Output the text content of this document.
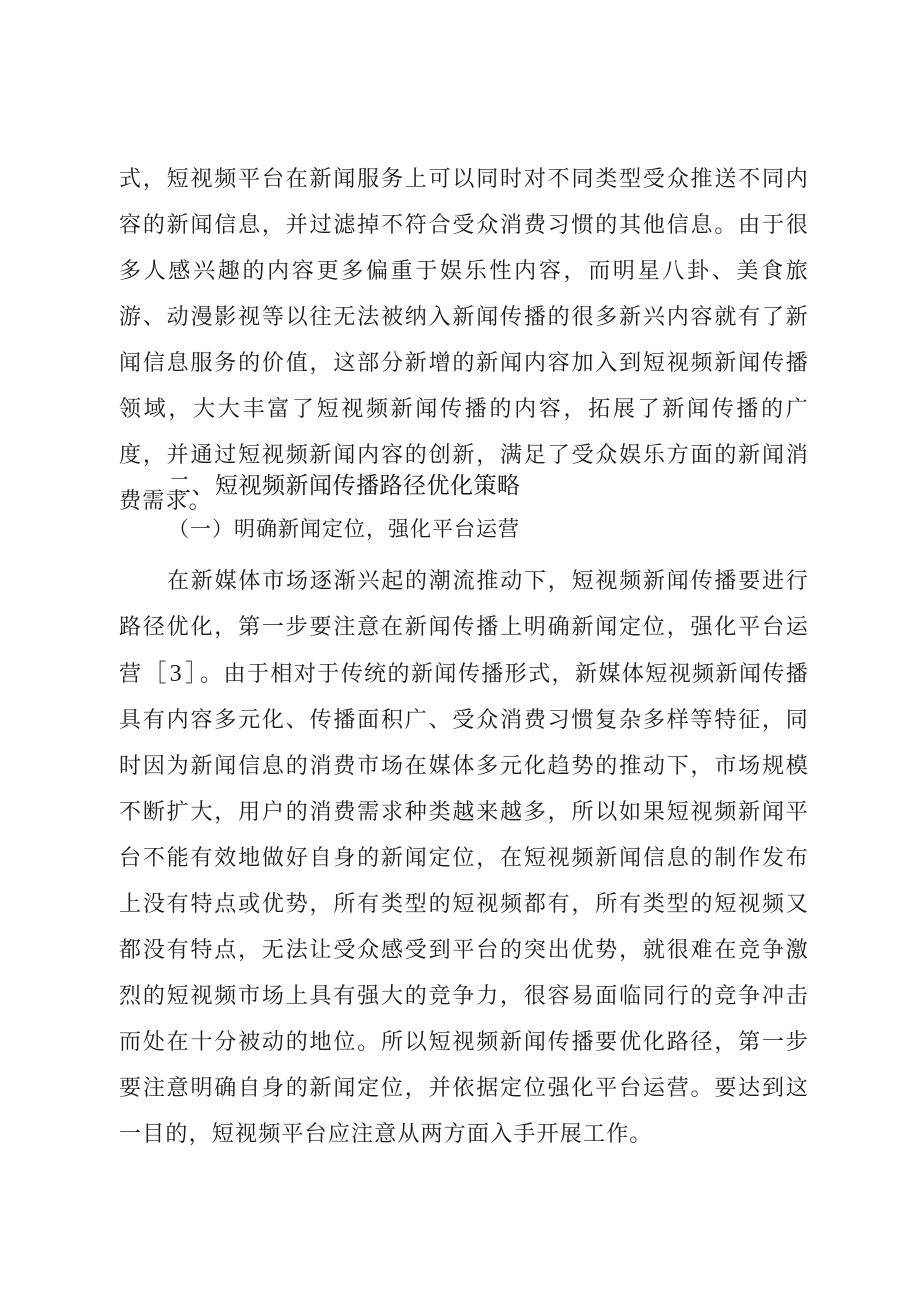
式，短视频平台在新闻服务上可以同时对不同类型受众推送不同内容的新闻信息，并过滤掉不符合受众消费习惯的其他信息。由于很多人感兴趣的内容更多偏重于娱乐性内容，而明星八卦、美食旅游、动漫影视等以往无法被纳入新闻传播的很多新兴内容就有了新闻信息服务的价值，这部分新增的新闻内容加入到短视频新闻传播领域，大大丰富了短视频新闻传播的内容，拓展了新闻传播的广度，并通过短视频新闻内容的创新，满足了受众娱乐方面的新闻消费需求。

二、短视频新闻传播路径优化策略
（一）明确新闻定位，强化平台运营

在新媒体市场逐渐兴起的潮流推动下，短视频新闻传播要进行路径优化，第一步要注意在新闻传播上明确新闻定位，强化平台运营［3］。由于相对于传统的新闻传播形式，新媒体短视频新闻传播具有内容多元化、传播面积广、受众消费习惯复杂多样等特征，同时因为新闻信息的消费市场在媒体多元化趋势的推动下，市场规模不断扩大，用户的消费需求种类越来越多，所以如果短视频新闻平台不能有效地做好自身的新闻定位，在短视频新闻信息的制作发布上没有特点或优势，所有类型的短视频都有，所有类型的短视频又都没有特点，无法让受众感受到平台的突出优势，就很难在竞争激烈的短视频市场上具有强大的竞争力，很容易面临同行的竞争冲击而处在十分被动的地位。所以短视频新闻传播要优化路径，第一步要注意明确自身的新闻定位，并依据定位强化平台运营。要达到这一目的，短视频平台应注意从两方面入手开展工作。
